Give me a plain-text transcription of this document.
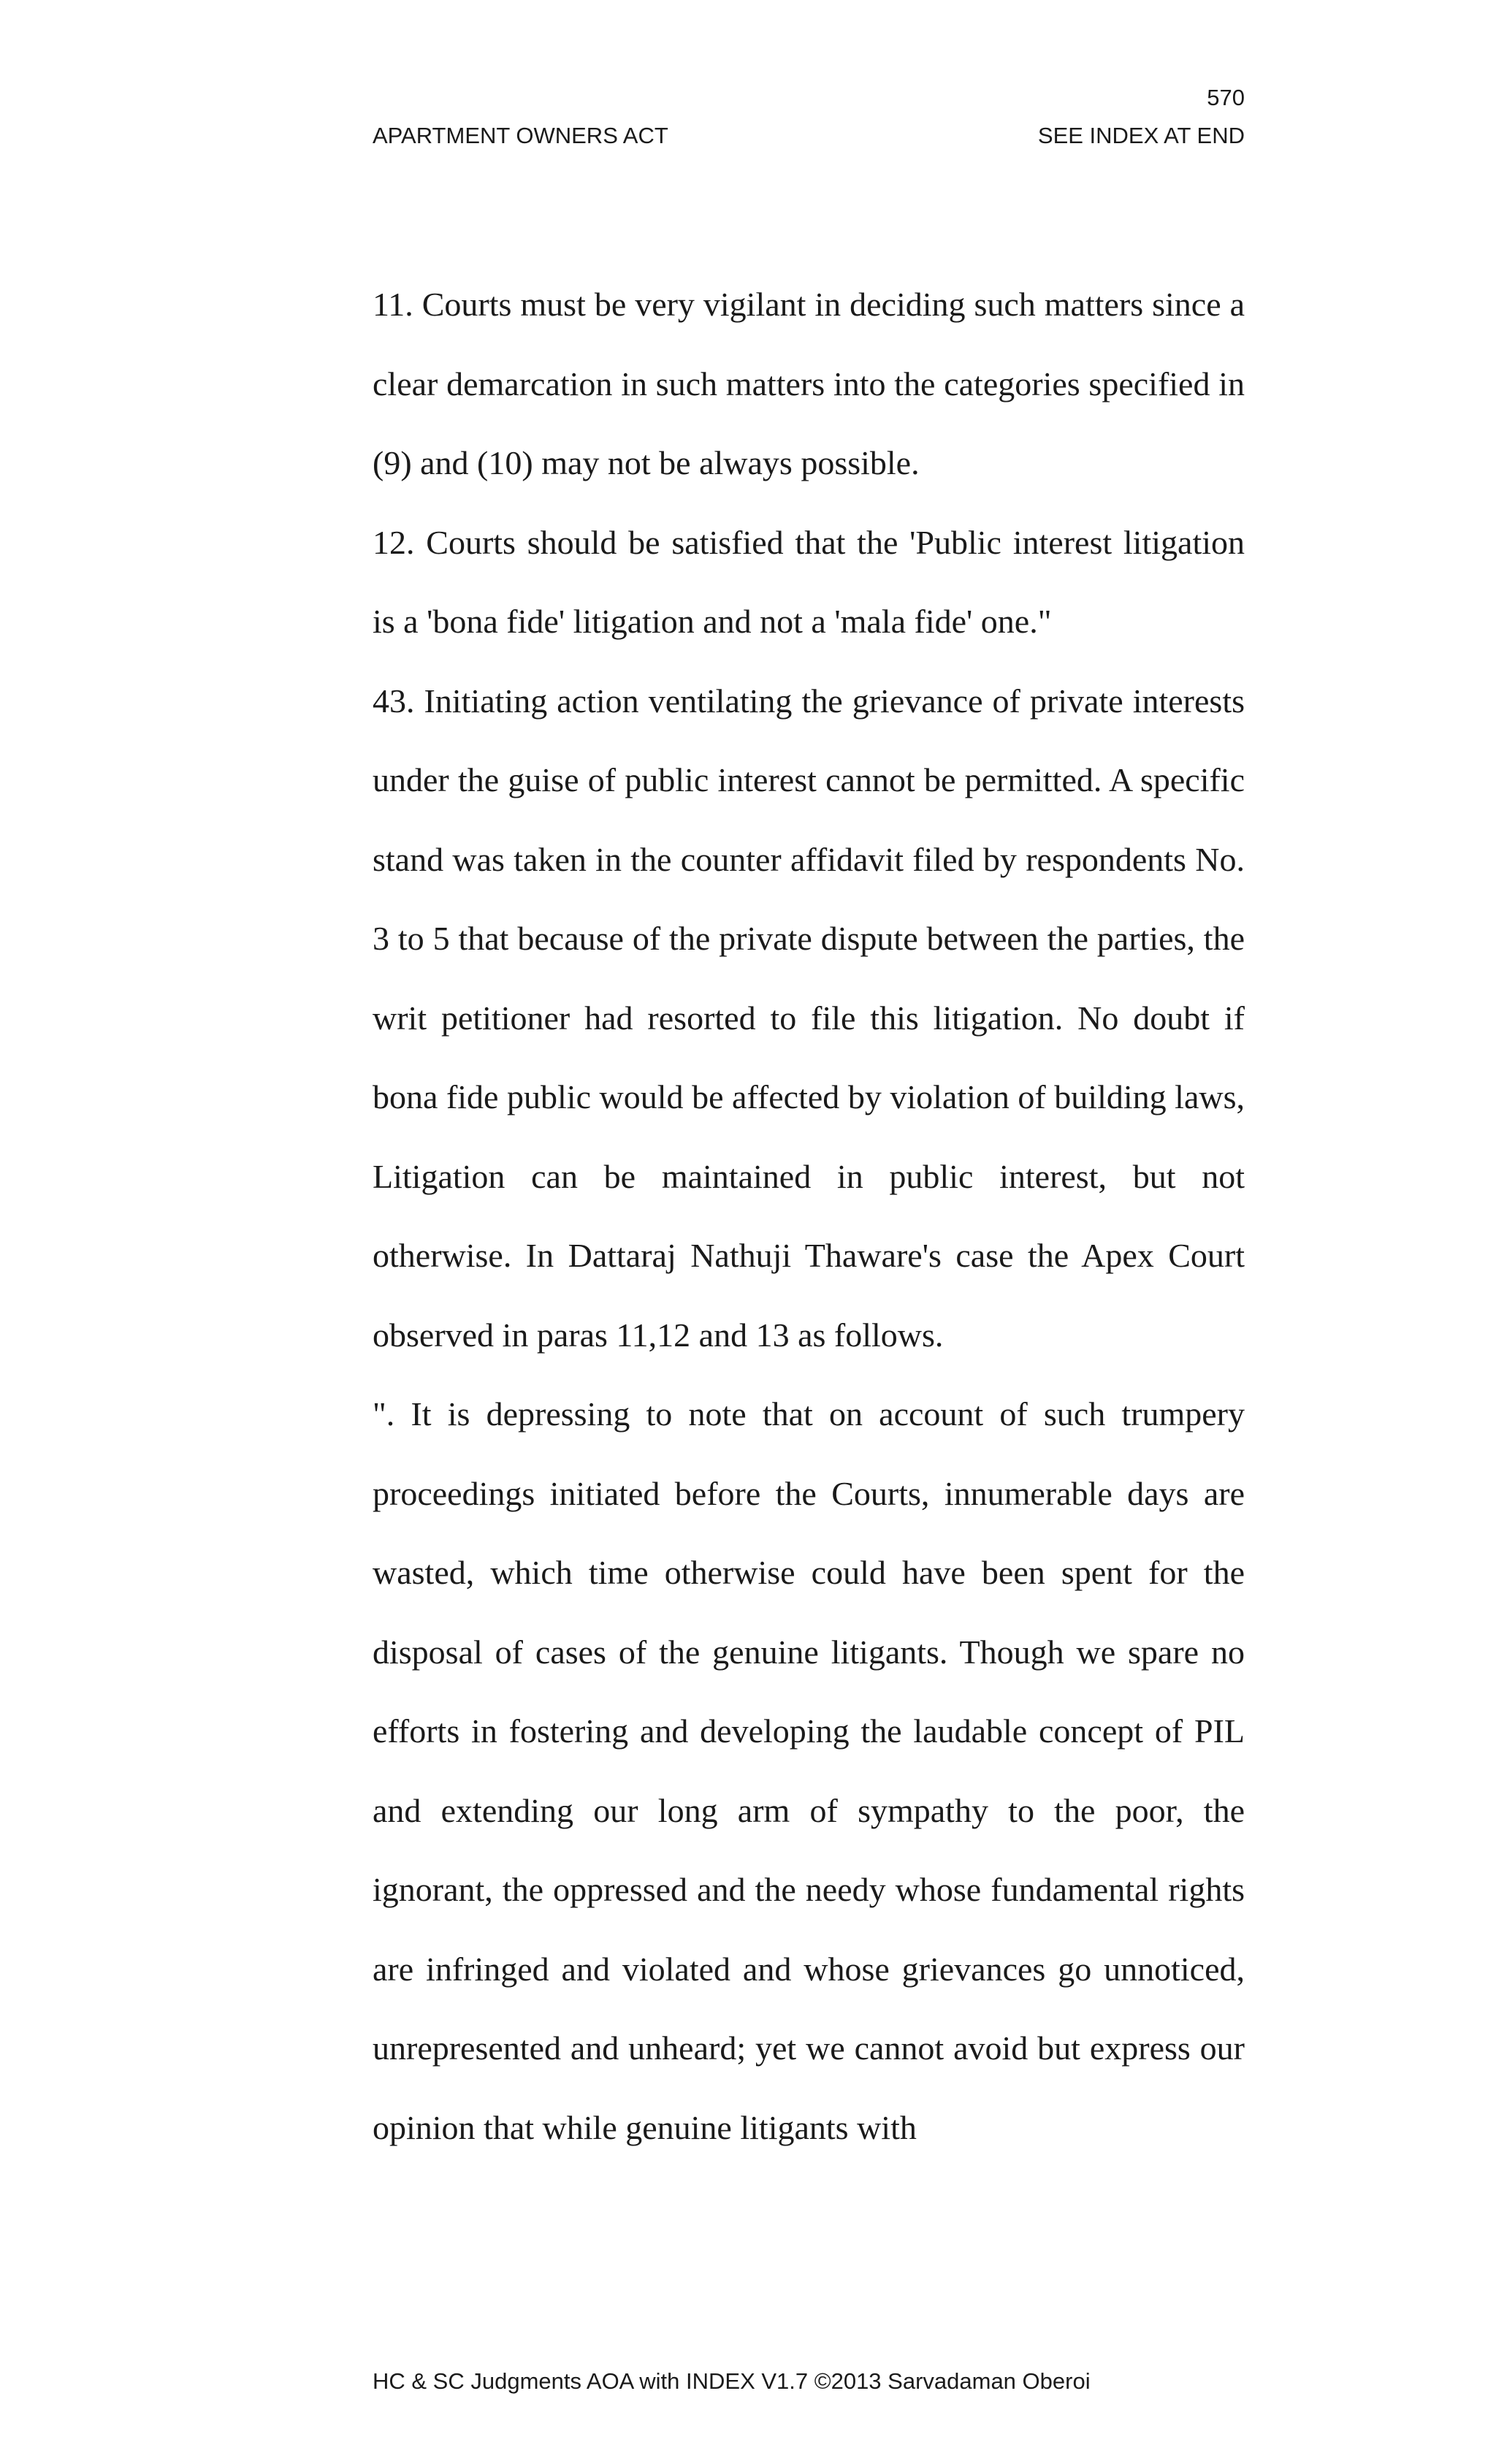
570
APARTMENT OWNERS ACT	SEE INDEX AT END

11. Courts must be very vigilant in deciding such matters since a clear demarcation in such matters into the categories specified in (9) and (10) may not be always possible.

12. Courts should be satisfied that the 'Public interest litigation is a 'bona fide' litigation and not a 'mala fide' one."

43. Initiating action ventilating the grievance of private interests under the guise of public interest cannot be permitted. A specific stand was taken in the counter affidavit filed by respondents No. 3 to 5 that because of the private dispute between the parties, the writ petitioner had resorted to file this litigation. No doubt if bona fide public would be affected by violation of building laws, Litigation can be maintained in public interest, but not otherwise. In Dattaraj Nathuji Thaware's case the Apex Court observed in paras 11,12 and 13 as follows.

". It is depressing to note that on account of such trumpery proceedings initiated before the Courts, innumerable days are wasted, which time otherwise could have been spent for the disposal of cases of the genuine litigants. Though we spare no efforts in fostering and developing the laudable concept of PIL and extending our long arm of sympathy to the poor, the ignorant, the oppressed and the needy whose fundamental rights are infringed and violated and whose grievances go unnoticed, unrepresented and unheard; yet we cannot avoid but express our opinion that while genuine litigants with

HC & SC Judgments AOA with INDEX V1.7 ©2013 Sarvadaman Oberoi
